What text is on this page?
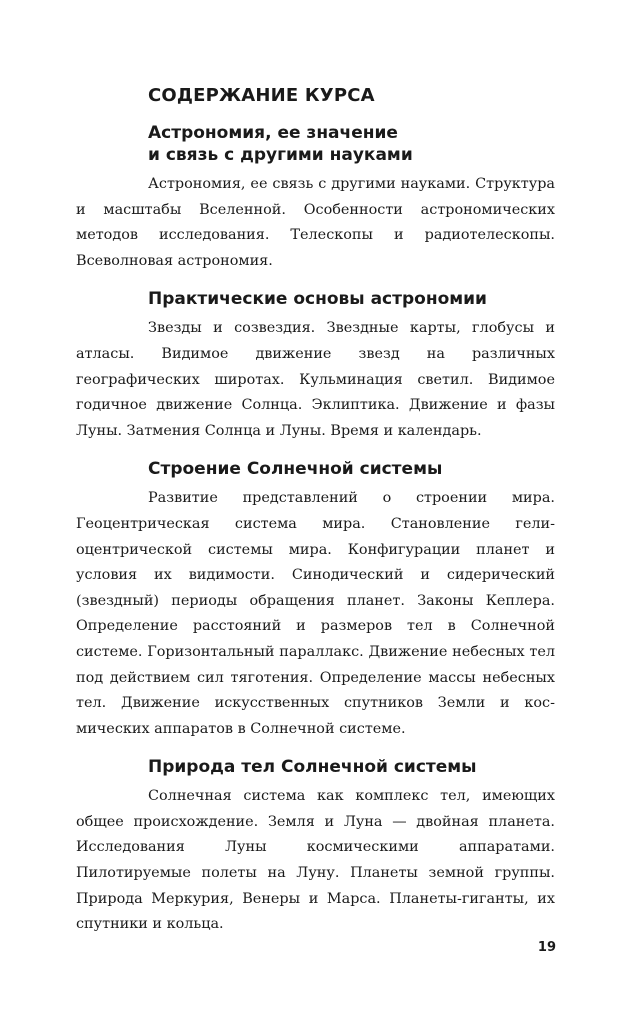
СОДЕРЖАНИЕ КУРСА
Астрономия, ее значение
и связь с другими науками

Астрономия, ее связь с другими науками. Структура и масштабы Вселенной. Особенности астрономических методов исследования. Телескопы и радиотелескопы. Всеволновая астрономия.

Практические основы астрономии

Звезды и созвездия. Звездные карты, глобусы и атласы. Видимое движение звезд на различных географических широтах. Кульминация светил. Видимое годичное движение Солнца. Эклиптика. Движение и фазы Луны. Затмения Солнца и Луны. Время и календарь.

Строение Солнечной системы

Развитие представлений о строении мира. Геоцентрическая система мира. Становление гелиоцентрической системы мира. Конфигурации планет и условия их видимости. Синодический и сидерический (звездный) периоды обращения планет. Законы Кеплера. Определение расстояний и размеров тел в Солнечной системе. Горизонтальный параллакс. Движение небесных тел под действием сил тяготения. Определение массы небесных тел. Движение искусственных спутников Земли и космических аппаратов в Солнечной системе.

Природа тел Солнечной системы

Солнечная система как комплекс тел, имеющих общее происхождение. Земля и Луна — двойная планета. Исследования Луны космическими аппаратами. Пилотируемые полеты на Луну. Планеты земной группы. Природа Меркурия, Венеры и Марса. Планеты-гиганты, их спутники и кольца.

19
